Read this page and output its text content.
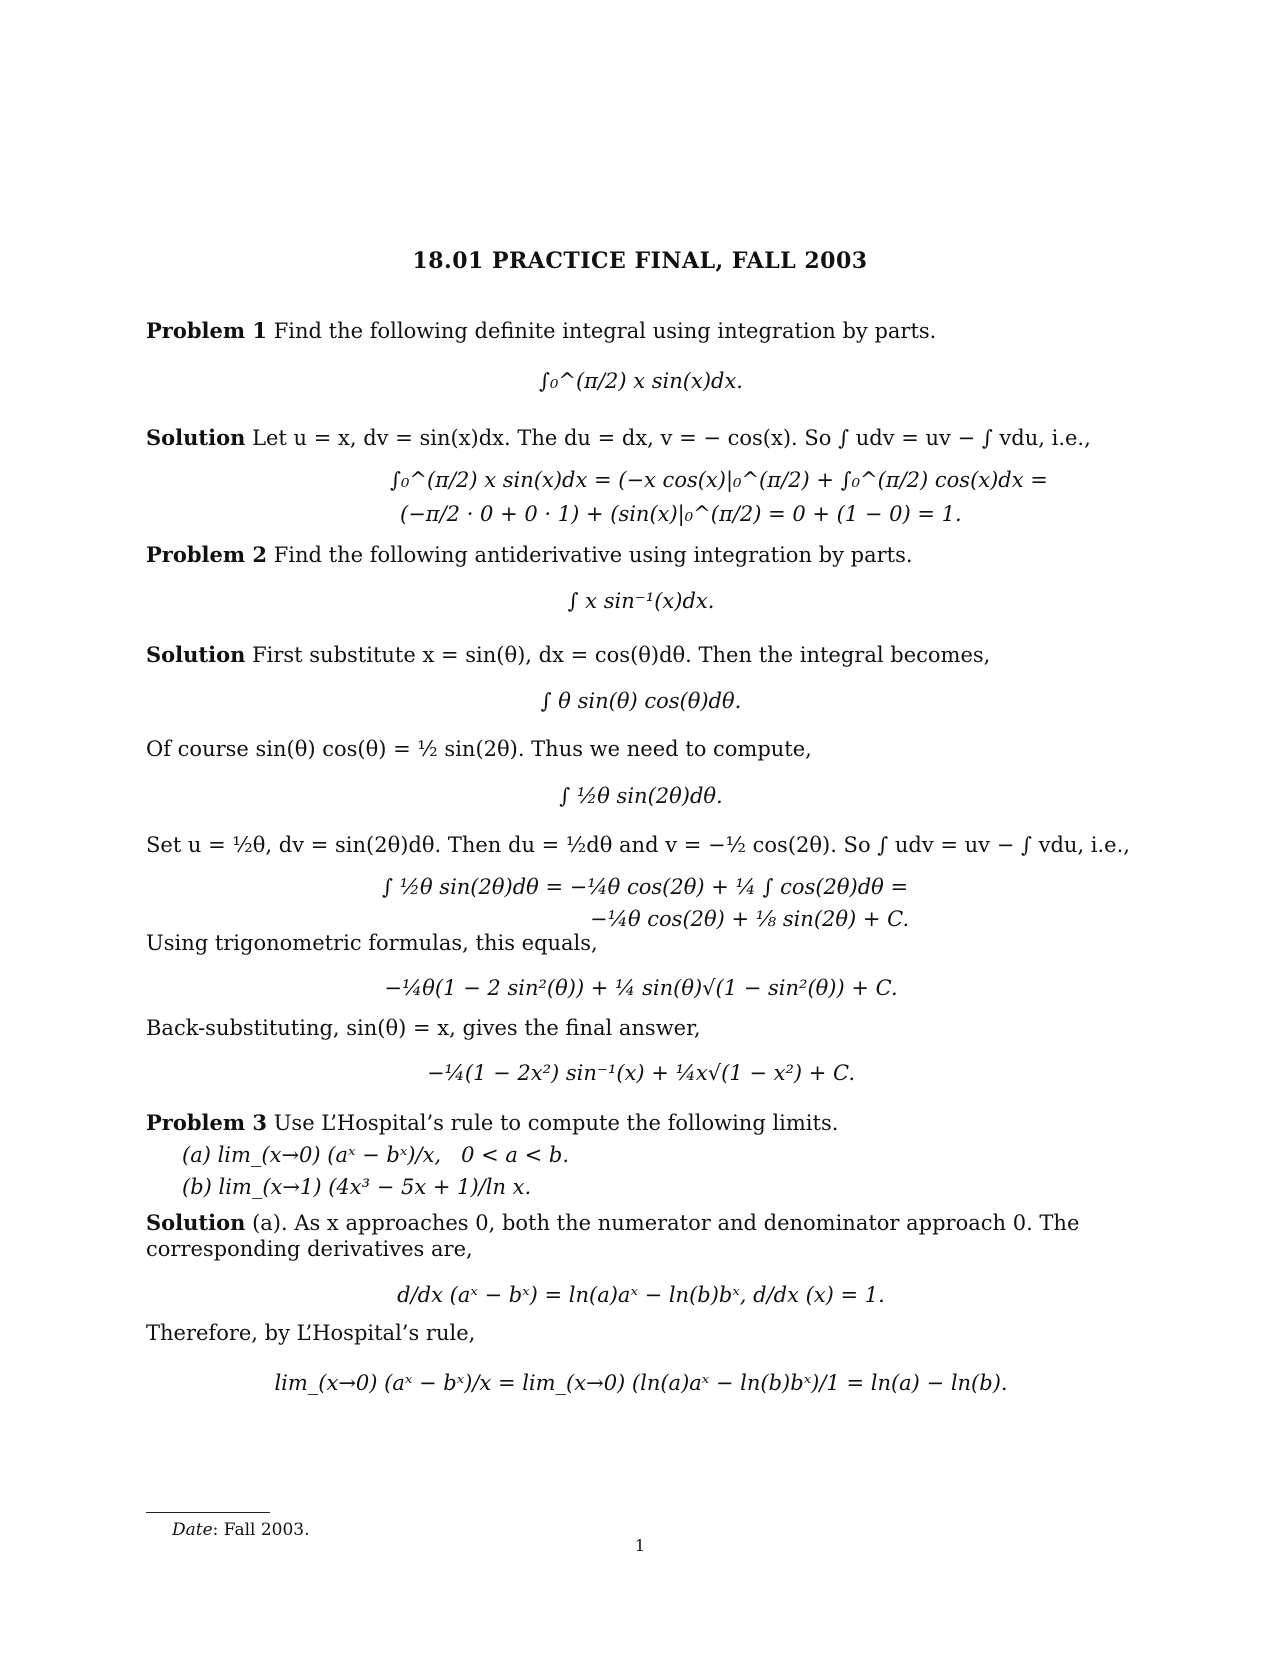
18.01 PRACTICE FINAL, FALL 2003
Problem 1 Find the following definite integral using integration by parts.
∫₀^(π/2) x sin(x)dx.
Solution Let u = x, dv = sin(x)dx. The du = dx, v = − cos(x). So ∫ udv = uv − ∫ vdu, i.e.,
∫₀^(π/2) x sin(x)dx = (−x cos(x)|₀^(π/2) + ∫₀^(π/2) cos(x)dx =
(−π/2 · 0 + 0 · 1) + (sin(x)|₀^(π/2) = 0 + (1 − 0) = 1.
Problem 2 Find the following antiderivative using integration by parts.
∫ x sin⁻¹(x)dx.
Solution First substitute x = sin(θ), dx = cos(θ)dθ. Then the integral becomes,
∫ θ sin(θ) cos(θ)dθ.
Of course sin(θ) cos(θ) = ½ sin(2θ). Thus we need to compute,
∫ ½θ sin(2θ)dθ.
Set u = ½θ, dv = sin(2θ)dθ. Then du = ½dθ and v = −½ cos(2θ). So ∫ udv = uv − ∫ vdu, i.e.,
∫ ½θ sin(2θ)dθ = −¼θ cos(2θ) + ¼ ∫ cos(2θ)dθ =
−¼θ cos(2θ) + ⅛ sin(2θ) + C.
Using trigonometric formulas, this equals,
−¼θ(1 − 2 sin²(θ)) + ¼ sin(θ)√(1 − sin²(θ)) + C.
Back-substituting, sin(θ) = x, gives the final answer,
−¼(1 − 2x²) sin⁻¹(x) + ¼x√(1 − x²) + C.
Problem 3 Use L’Hospital’s rule to compute the following limits.
(a) lim_(x→0) (aˣ − bˣ)/x,   0 < a < b.
(b) lim_(x→1) (4x³ − 5x + 1)/ln x.
Solution (a). As x approaches 0, both the numerator and denominator approach 0. The corresponding derivatives are,
d/dx (aˣ − bˣ) = ln(a)aˣ − ln(b)bˣ, d/dx (x) = 1.
Therefore, by L’Hospital’s rule,
lim_(x→0) (aˣ − bˣ)/x = lim_(x→0) (ln(a)aˣ − ln(b)bˣ)/1 = ln(a) − ln(b).
Date: Fall 2003.
1
